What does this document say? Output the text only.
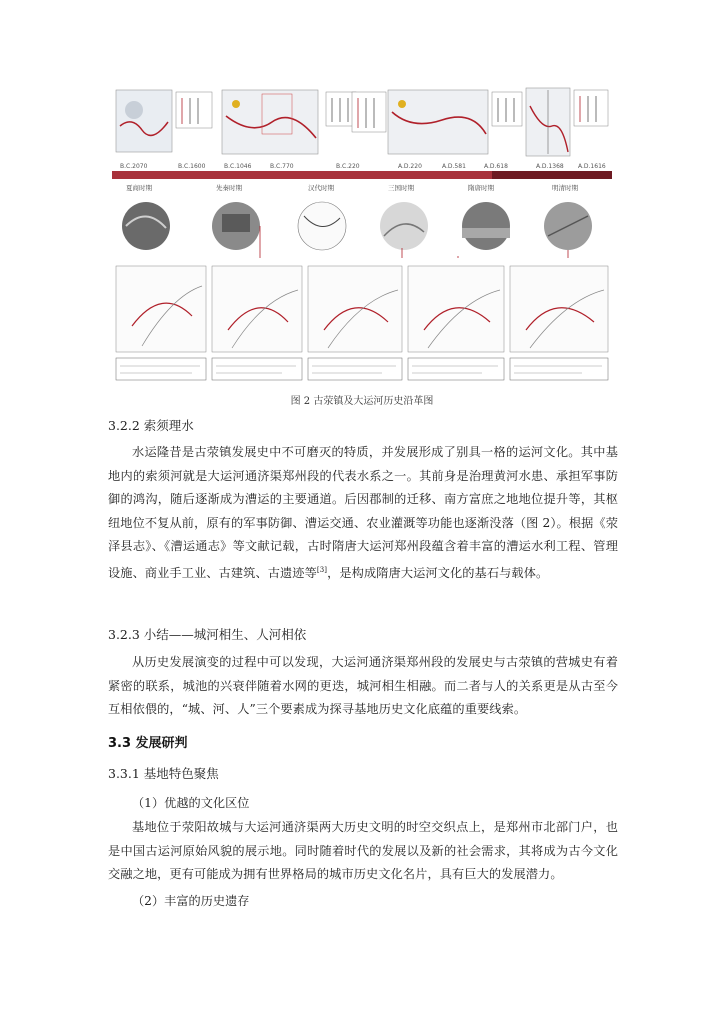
B.C.2070	B.C.1600	B.C.1046	B.C.770	B.C.220	A.D.220	A.D.581	A.D.618	A.D.1368 A.D.1616
夏商时期	先秦时期	汉代时期	三国时期	隋唐时期	明清时期
图 2 古荥镇及大运河历史沿革图
3.2.2 索须理水
水运隆昔是古荥镇发展史中不可磨灭的特质，并发展形成了别具一格的运河文化。其中基地内的索须河就是大运河通济渠郑州段的代表水系之一。其前身是治理黄河水患、承担军事防御的鸿沟，随后逐渐成为漕运的主要通道。后因郡制的迁移、南方富庶之地地位提升等，其枢纽地位不复从前，原有的军事防御、漕运交通、农业灌溉等功能也逐渐没落（图 2）。根据《荥泽县志》、《漕运通志》等文献记载，古时隋唐大运河郑州段蕴含着丰富的漕运水利工程、管理设施、商业手工业、古建筑、古遗迹等[3]，是构成隋唐大运河文化的基石与载体。
3.2.3 小结——城河相生、人河相依
从历史发展演变的过程中可以发现，大运河通济渠郑州段的发展史与古荥镇的营城史有着紧密的联系，城池的兴衰伴随着水网的更迭，城河相生相融。而二者与人的关系更是从古至今互相依偎的，“城、河、人”三个要素成为探寻基地历史文化底蕴的重要线索。
3.3 发展研判
3.3.1 基地特色聚焦
（1）优越的文化区位
基地位于荥阳故城与大运河通济渠两大历史文明的时空交织点上，是郑州市北部门户，也是中国古运河原始风貌的展示地。同时随着时代的发展以及新的社会需求，其将成为古今文化交融之地，更有可能成为拥有世界格局的城市历史文化名片，具有巨大的发展潜力。
（2）丰富的历史遗存
